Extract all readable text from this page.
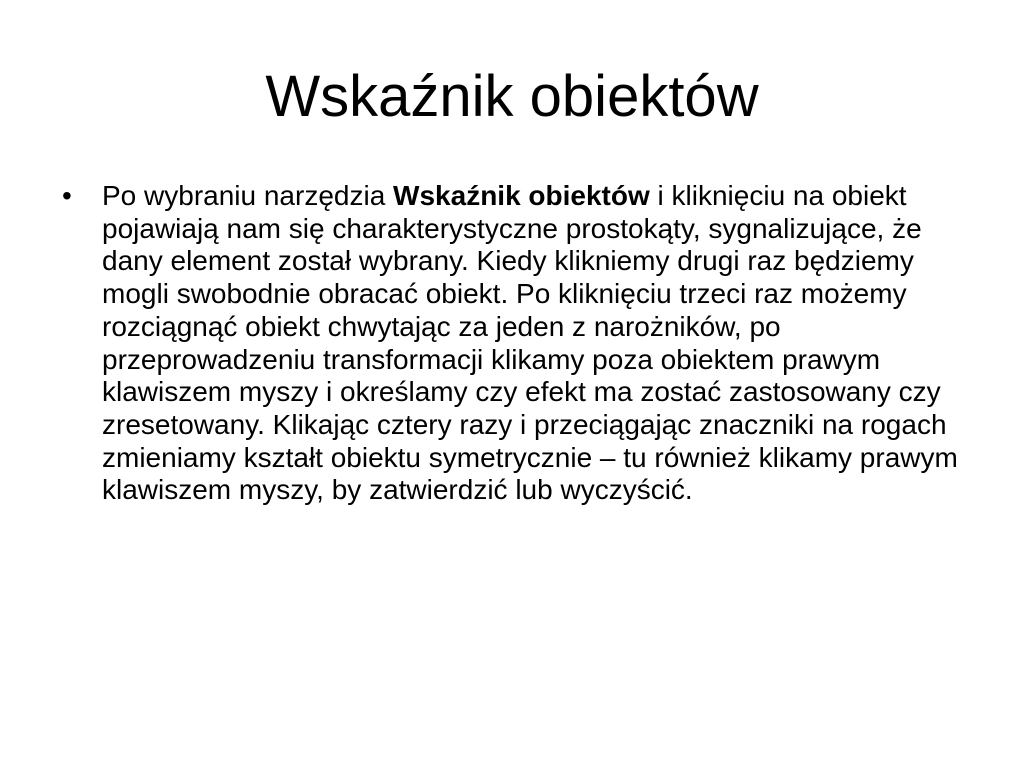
Wskaźnik obiektów
• Po wybraniu narzędzia Wskaźnik obiektów i kliknięciu na obiekt pojawiają nam się charakterystyczne prostokąty, sygnalizujące, że dany element został wybrany. Kiedy klikniemy drugi raz będziemy mogli swobodnie obracać obiekt. Po kliknięciu trzeci raz możemy rozciągnąć obiekt chwytając za jeden z narożników, po przeprowadzeniu transformacji klikamy poza obiektem prawym klawiszem myszy i określamy czy efekt ma zostać zastosowany czy zresetowany. Klikając cztery razy i przeciągając znaczniki na rogach zmieniamy kształt obiektu symetrycznie – tu również klikamy prawym klawiszem myszy, by zatwierdzić lub wyczyścić.
